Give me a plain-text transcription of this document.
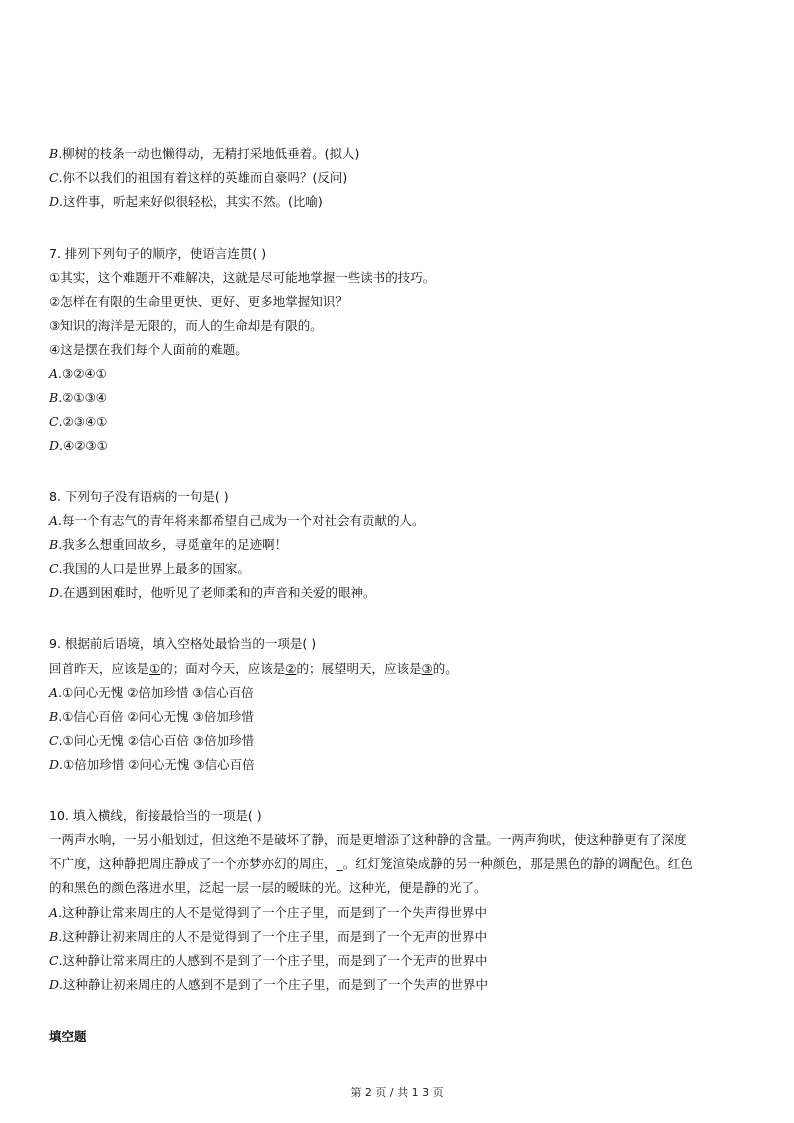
B.柳树的枝条一动也懒得动，无精打采地低垂着。(拟人)
C.你不以我们的祖国有着这样的英雄而自豪吗？(反问)
D.这件事，听起来好似很轻松，其实不然。(比喻)
7. 排列下列句子的顺序，使语言连贯( )
①其实，这个难题开不难解决，这就是尽可能地掌握一些读书的技巧。
②怎样在有限的生命里更快、更好、更多地掌握知识？
③知识的海洋是无限的，而人的生命却是有限的。
④这是摆在我们每个人面前的难题。
A.③②④①
B.②①③④
C.②③④①
D.④②③①
8. 下列句子没有语病的一句是( )
A.每一个有志气的青年将来都希望自己成为一个对社会有贡献的人。
B.我多么想重回故乡，寻觅童年的足迹啊！
C.我国的人口是世界上最多的国家。
D.在遇到困难时，他听见了老师柔和的声音和关爱的眼神。
9. 根据前后语境，填入空格处最恰当的一项是( )
回首昨天，应该是①的；面对今天，应该是②的；展望明天，应该是③的。
A.①问心无愧 ②倍加珍惜 ③信心百倍
B.①信心百倍 ②问心无愧 ③倍加珍惜
C.①问心无愧 ②信心百倍 ③倍加珍惜
D.①倍加珍惜 ②问心无愧 ③信心百倍
10. 填入横线，衔接最恰当的一项是( )
一两声水响，一另小船划过，但这绝不是破坏了静，而是更增添了这种静的含量。一两声狗吠，使这种静更有了深度
不广度，这种静把周庄静成了一个亦梦亦幻的周庄，_。红灯笼渲染成静的另一种颜色，那是黑色的静的调配色。红色
的和黑色的颜色落进水里，泛起一层一层的暧昧的光。这种光，便是静的光了。
A.这种静让常来周庄的人不是觉得到了一个庄子里，而是到了一个失声得世界中
B.这种静让初来周庄的人不是觉得到了一个庄子里，而是到了一个无声的世界中
C.这种静让常来周庄的人感到不是到了一个庄子里，而是到了一个无声的世界中
D.这种静让初来周庄的人感到不是到了一个庄子里，而是到了一个失声的世界中
填空题
第 2 页 / 共 1 3 页
